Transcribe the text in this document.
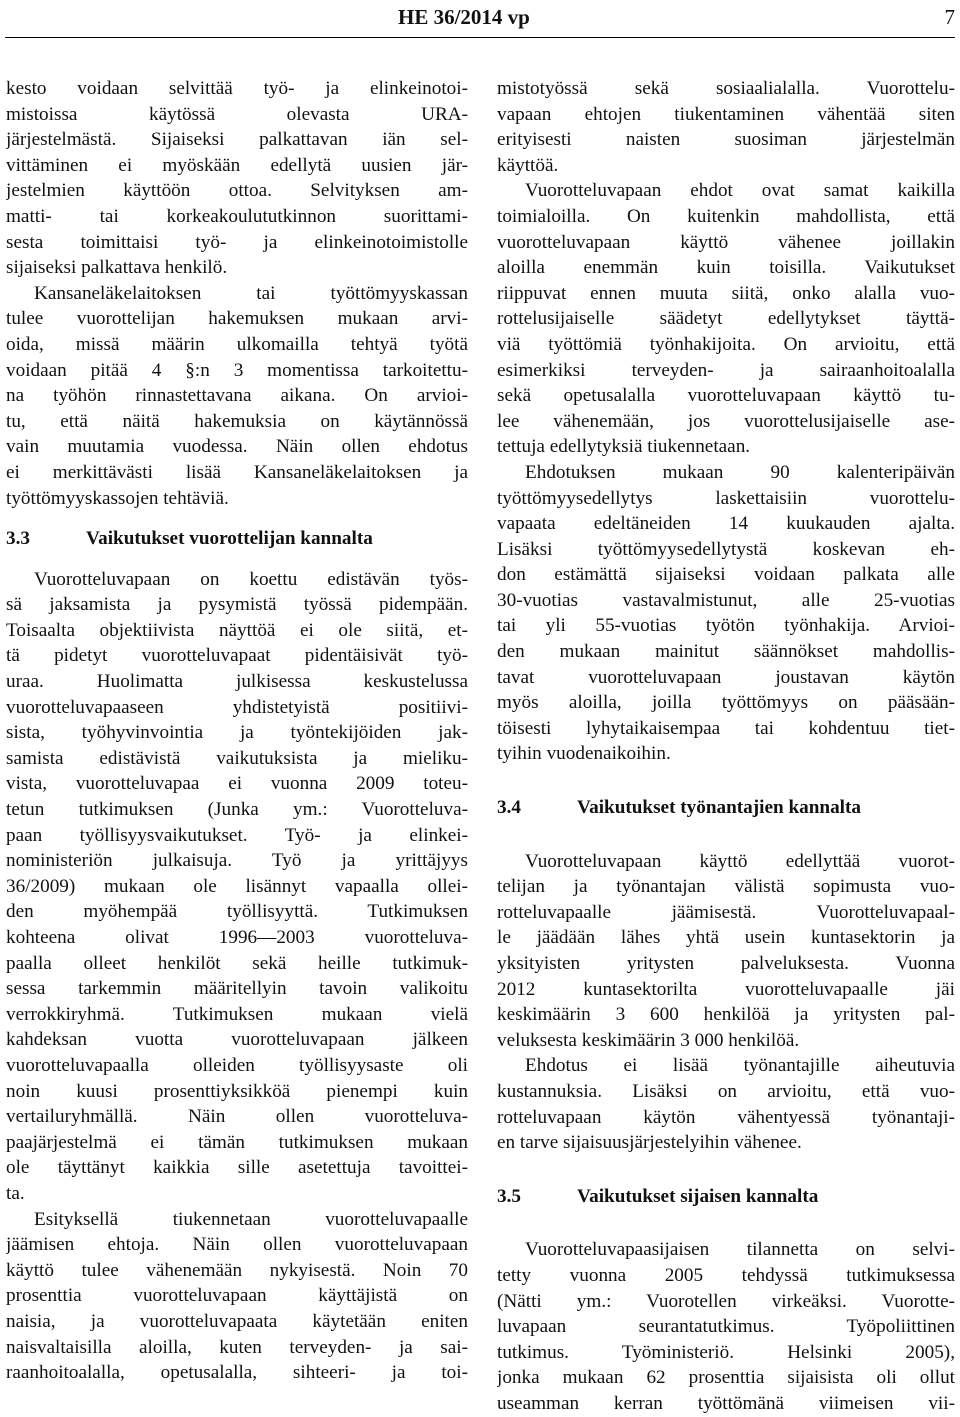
HE 36/2014 vp	7
kesto voidaan selvittää työ- ja elinkeinotoi-
mistoissa käytössä olevasta URA-
järjestelmästä. Sijaiseksi palkattavan iän sel-
vittäminen ei myöskään edellytä uusien jär-
jestelmien käyttöön ottoa. Selvityksen am-
matti- tai korkeakoulututkinnon suorittami-
sesta toimittaisi työ- ja elinkeinotoimistolle
sijaiseksi palkattava henkilö.
Kansaneläkelaitoksen tai työttömyyskassan
tulee vuorottelijan hakemuksen mukaan arvi-
oida, missä määrin ulkomailla tehtyä työtä
voidaan pitää 4 §:n 3 momentissa tarkoitettu-
na työhön rinnastettavana aikana. On arvioi-
tu, että näitä hakemuksia on käytännössä
vain muutamia vuodessa. Näin ollen ehdotus
ei merkittävästi lisää Kansaneläkelaitoksen ja
työttömyyskassojen tehtäviä.
3.3	Vaikutukset vuorottelijan kannalta
Vuorotteluvapaan on koettu edistävän työs-
sä jaksamista ja pysymistä työssä pidempään.
Toisaalta objektiivista näyttöä ei ole siitä, et-
tä pidetyt vuorotteluvapaat pidentäisivät työ-
uraa. Huolimatta julkisessa keskustelussa
vuorotteluvapaaseen yhdistetyistä positiivi-
sista, työhyvinvointia ja työntekijöiden jak-
samista edistävistä vaikutuksista ja mieliku-
vista, vuorotteluvapaa ei vuonna 2009 toteu-
tetun tutkimuksen (Junka ym.: Vuorotteluva-
paan työllisyysvaikutukset. Työ- ja elinkei-
noministeriön julkaisuja. Työ ja yrittäjyys
36/2009) mukaan ole lisännyt vapaalla ollei-
den myöhempää työllisyyttä. Tutkimuksen
kohteena olivat 1996—2003 vuorotteluva-
paalla olleet henkilöt sekä heille tutkimuk-
sessa tarkemmin määritellyin tavoin valikoitu
verrokkiryhmä. Tutkimuksen mukaan vielä
kahdeksan vuotta vuorotteluvapaan jälkeen
vuorotteluvapaalla olleiden työllisyysaste oli
noin kuusi prosenttiyksikköä pienempi kuin
vertailuryhmällä. Näin ollen vuorotteluva-
paajärjestelmä ei tämän tutkimuksen mukaan
ole täyttänyt kaikkia sille asetettuja tavoittei-
ta.
Esityksellä tiukennetaan vuorotteluvapaalle
jäämisen ehtoja. Näin ollen vuorotteluvapaan
käyttö tulee vähenemään nykyisestä. Noin 70
prosenttia vuorotteluvapaan käyttäjistä on
naisia, ja vuorotteluvapaata käytetään eniten
naisvaltaisilla aloilla, kuten terveyden- ja sai-
raanhoitoalalla, opetusalalla, sihteeri- ja toi-
mistotyössä sekä sosiaalialalla. Vuorottelu-
vapaan ehtojen tiukentaminen vähentää siten
erityisesti naisten suosiman järjestelmän
käyttöä.
Vuorotteluvapaan ehdot ovat samat kaikilla
toimialoilla. On kuitenkin mahdollista, että
vuorotteluvapaan käyttö vähenee joillakin
aloilla enemmän kuin toisilla. Vaikutukset
riippuvat ennen muuta siitä, onko alalla vuo-
rottelusijaiselle säädetyt edellytykset täyttä-
viä työttömiä työnhakijoita. On arvioitu, että
esimerkiksi terveyden- ja sairaanhoitoalalla
sekä opetusalalla vuorotteluvapaan käyttö tu-
lee vähenemään, jos vuorottelusijaiselle ase-
tettuja edellytyksiä tiukennetaan.
Ehdotuksen mukaan 90 kalenteripäivän
työttömyysedellytys laskettaisiin vuorottelu-
vapaata edeltäneiden 14 kuukauden ajalta.
Lisäksi työttömyysedellytystä koskevan eh-
don estämättä sijaiseksi voidaan palkata alle
30-vuotias vastavalmistunut, alle 25-vuotias
tai yli 55-vuotias työtön työnhakija. Arvioi-
den mukaan mainitut säännökset mahdollis-
tavat vuorotteluvapaan joustavan käytön
myös aloilla, joilla työttömyys on pääsään-
töisesti lyhytaikaisempaa tai kohdentuu tiet-
tyihin vuodenaikoihin.
3.4	Vaikutukset työnantajien kannalta
Vuorotteluvapaan käyttö edellyttää vuorot-
telijan ja työnantajan välistä sopimusta vuo-
rotteluvapaalle jäämisestä. Vuorotteluvapaal-
le jäädään lähes yhtä usein kuntasektorin ja
yksityisten yritysten palveluksesta. Vuonna
2012 kuntasektorilta vuorotteluvapaalle jäi
keskimäärin 3 600 henkilöä ja yritysten pal-
veluksesta keskimäärin 3 000 henkilöä.
Ehdotus ei lisää työnantajille aiheutuvia
kustannuksia. Lisäksi on arvioitu, että vuo-
rotteluvapaan käytön vähentyessä työnantaji-
en tarve sijaisuusjärjestelyihin vähenee.
3.5	Vaikutukset sijaisen kannalta
Vuorotteluvapaasijaisen tilannetta on selvi-
tetty vuonna 2005 tehdyssä tutkimuksessa
(Nätti ym.: Vuorotellen virkeäksi. Vuorotte-
luvapaan seurantatutkimus. Työpoliittinen
tutkimus. Työministeriö. Helsinki 2005),
jonka mukaan 62 prosenttia sijaisista oli ollut
useamman kerran työttömänä viimeisen vii-
